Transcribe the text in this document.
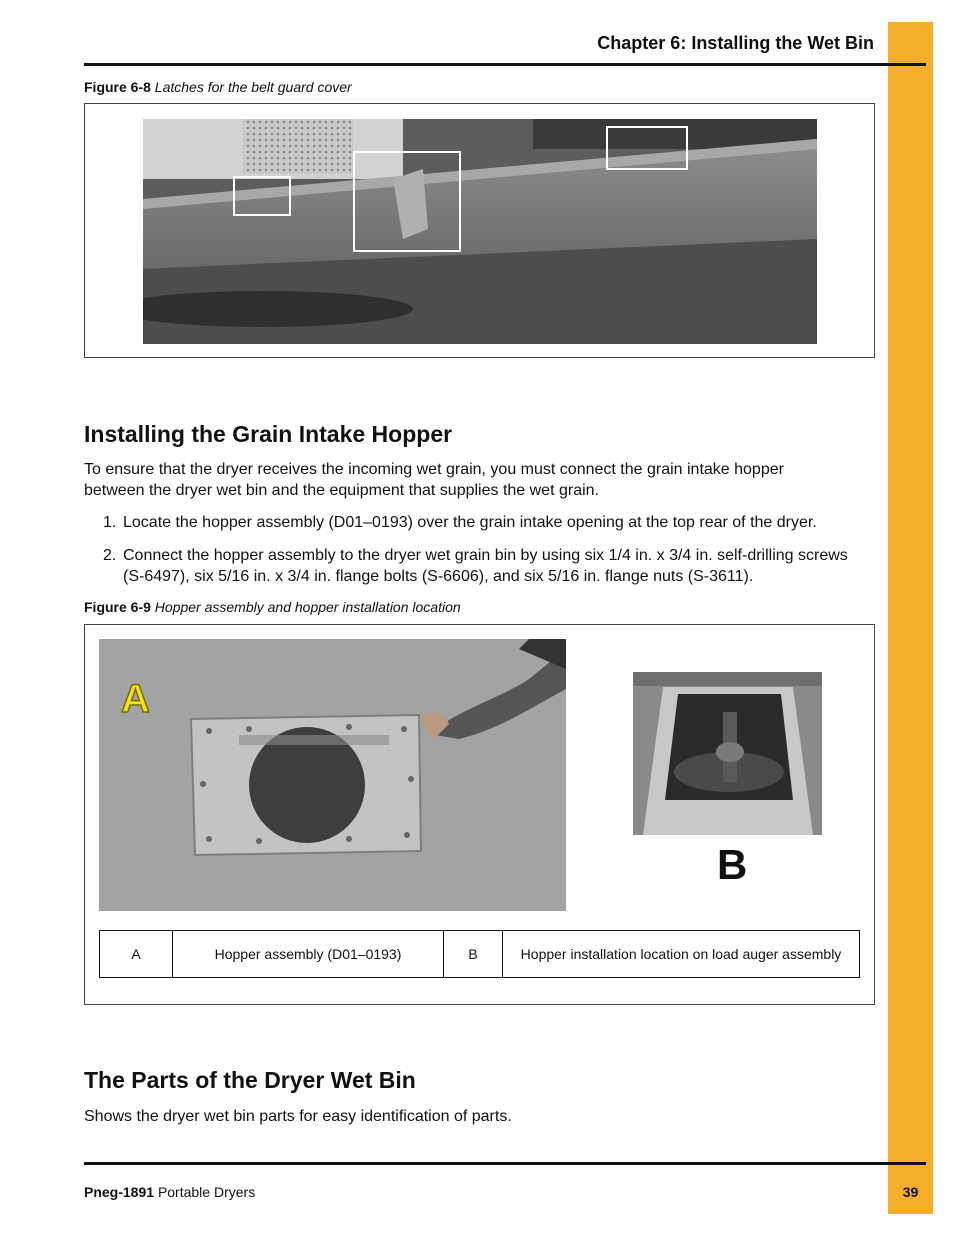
Chapter 6: Installing the Wet Bin
Figure 6-8 Latches for the belt guard cover
Installing the Grain Intake Hopper
To ensure that the dryer receives the incoming wet grain, you must connect the grain intake hopper between the dryer wet bin and the equipment that supplies the wet grain.
1. Locate the hopper assembly (D01–0193) over the grain intake opening at the top rear of the dryer.
2. Connect the hopper assembly to the dryer wet grain bin by using six 1/4 in. x 3/4 in. self-drilling screws (S-6497), six 5/16 in. x 3/4 in. flange bolts (S-6606), and six 5/16 in. flange nuts (S-3611).
Figure 6-9 Hopper assembly and hopper installation location
A
B
A	Hopper assembly (D01–0193)	B	Hopper installation location on load auger assembly
The Parts of the Dryer Wet Bin
Shows the dryer wet bin parts for easy identification of parts.
Pneg-1891 Portable Dryers	39
